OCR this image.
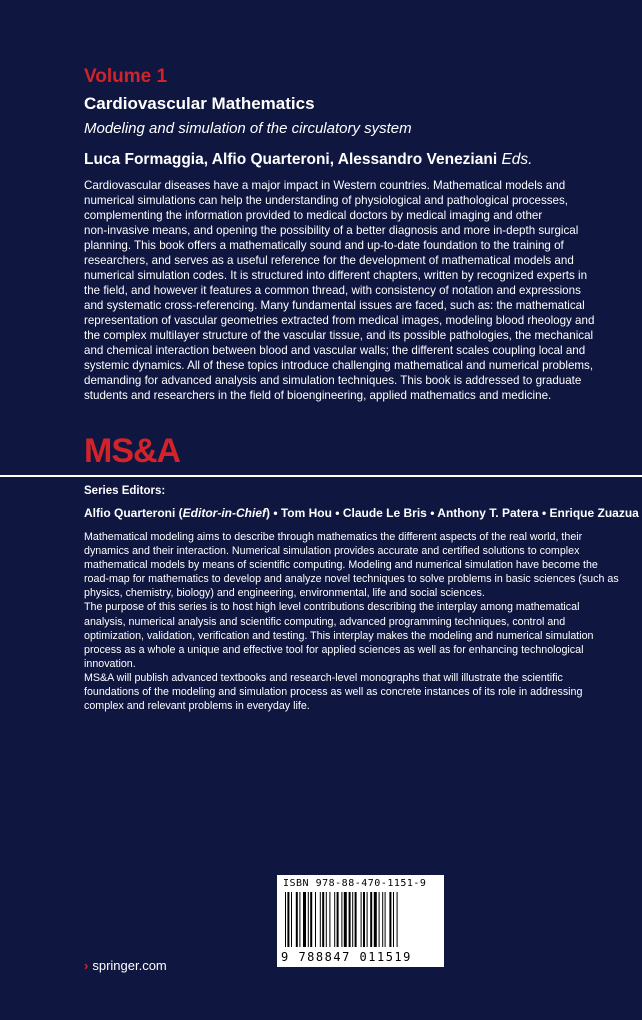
Volume 1
Cardiovascular Mathematics
Modeling and simulation of the circulatory system
Luca Formaggia, Alfio Quarteroni, Alessandro Veneziani Eds.
Cardiovascular diseases have a major impact in Western countries. Mathematical models and
numerical simulations can help the understanding of physiological and pathological processes,
complementing the information provided to medical doctors by medical imaging and other
non-invasive means, and opening the possibility of a better diagnosis and more in-depth surgical
planning. This book offers a mathematically sound and up-to-date foundation to the training of
researchers, and serves as a useful reference for the development of mathematical models and
numerical simulation codes. It is structured into different chapters, written by recognized experts in
the field, and however it features a common thread, with consistency of notation and expressions
and systematic cross-referencing. Many fundamental issues are faced, such as: the mathematical
representation of vascular geometries extracted from medical images, modeling blood rheology and
the complex multilayer structure of the vascular tissue, and its possible pathologies, the mechanical
and chemical interaction between blood and vascular walls; the different scales coupling local and
systemic dynamics. All of these topics introduce challenging mathematical and numerical problems,
demanding for advanced analysis and simulation techniques. This book is addressed to graduate
students and researchers in the field of bioengineering, applied mathematics and medicine.
MS&A
Series Editors:
Alfio Quarteroni (Editor-in-Chief) • Tom Hou • Claude Le Bris • Anthony T. Patera • Enrique Zuazua
Mathematical modeling aims to describe through mathematics the different aspects of the real world, their
dynamics and their interaction. Numerical simulation provides accurate and certified solutions to complex
mathematical models by means of scientific computing. Modeling and numerical simulation have become the
road-map for mathematics to develop and analyze novel techniques to solve problems in basic sciences (such as
physics, chemistry, biology) and engineering, environmental, life and social sciences.
The purpose of this series is to host high level contributions describing the interplay among mathematical
analysis, numerical analysis and scientific computing, advanced programming techniques, control and
optimization, validation, verification and testing. This interplay makes the modeling and numerical simulation
process as a whole a unique and effective tool for applied sciences as well as for enhancing technological
innovation.
MS&A will publish advanced textbooks and research-level monographs that will illustrate the scientific
foundations of the modeling and simulation process as well as concrete instances of its role in addressing
complex and relevant problems in everyday life.
ISBN 978-88-470-1151-9
9 788847 011519
› springer.com
